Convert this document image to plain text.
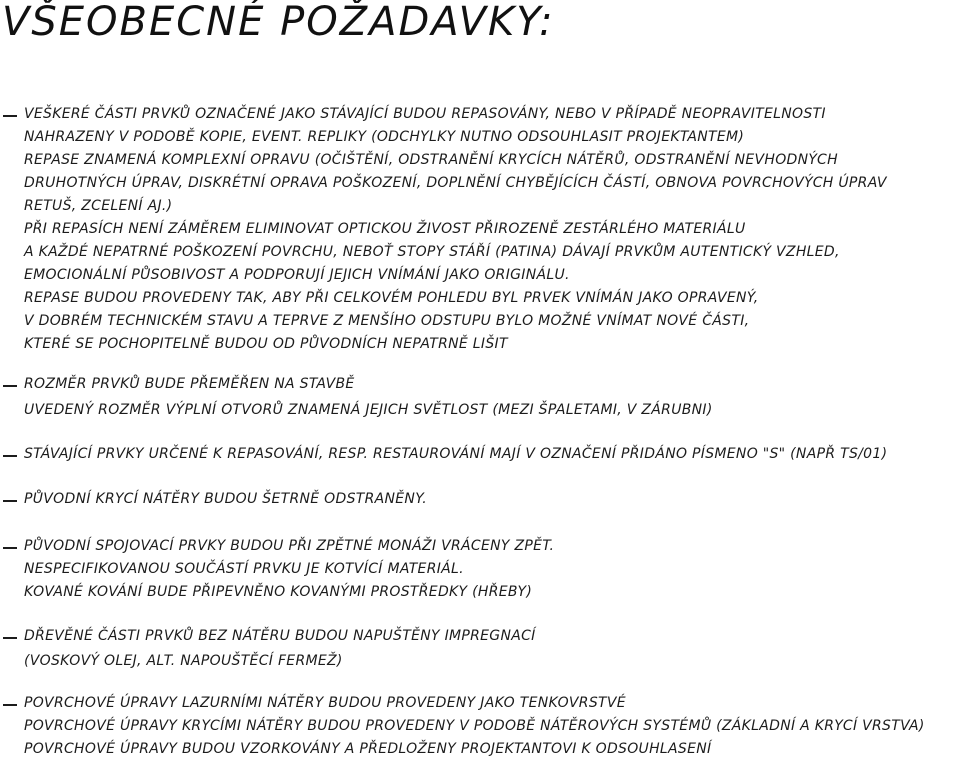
VŠEOBECNÉ POŽADAVKY:

VEŠKERÉ ČÁSTI PRVKŮ OZNAČENÉ JAKO STÁVAJÍCÍ BUDOU REPASOVÁNY, NEBO V PŘÍPADĚ NEOPRAVITELNOSTI

NAHRAZENY V PODOBĚ KOPIE, EVENT. REPLIKY (ODCHYLKY NUTNO ODSOUHLASIT PROJEKTANTEM)

REPASE ZNAMENÁ KOMPLEXNÍ OPRAVU (OČIŠTĚNÍ, ODSTRANĚNÍ KRYCÍCH NÁTĚRŮ, ODSTRANĚNÍ NEVHODNÝCH

DRUHOTNÝCH ÚPRAV, DISKRÉTNÍ OPRAVA POŠKOZENÍ, DOPLNĚNÍ CHYBĚJÍCÍCH ČÁSTÍ, OBNOVA POVRCHOVÝCH ÚPRAV

RETUŠ, ZCELENÍ AJ.)

PŘI REPASÍCH NENÍ ZÁMĚREM ELIMINOVAT OPTICKOU ŽIVOST PŘIROZENĚ ZESTÁRLÉHO MATERIÁLU

A KAŽDÉ NEPATRNÉ POŠKOZENÍ POVRCHU, NEBOŤ STOPY STÁŘÍ (PATINA) DÁVAJÍ PRVKŮM AUTENTICKÝ VZHLED,

EMOCIONÁLNÍ PŮSOBIVOST A PODPORUJÍ JEJICH VNÍMÁNÍ JAKO ORIGINÁLU.

REPASE BUDOU PROVEDENY TAK, ABY PŘI CELKOVÉM POHLEDU BYL PRVEK VNÍMÁN JAKO OPRAVENÝ,

V DOBRÉM TECHNICKÉM STAVU A TEPRVE Z MENŠÍHO ODSTUPU BYLO MOŽNÉ VNÍMAT NOVÉ ČÁSTI,

KTERÉ SE POCHOPITELNĚ BUDOU OD PŮVODNÍCH NEPATRNĚ LIŠIT

ROZMĚR PRVKŮ BUDE PŘEMĚŘEN NA STAVBĚ

UVEDENÝ ROZMĚR VÝPLNÍ OTVORŮ ZNAMENÁ JEJICH SVĚTLOST (MEZI ŠPALETAMI, V ZÁRUBNI)

STÁVAJÍCÍ PRVKY URČENÉ K REPASOVÁNÍ, RESP. RESTAUROVÁNÍ MAJÍ V OZNAČENÍ PŘIDÁNO PÍSMENO "S" (NAPŘ TS/01)

PŮVODNÍ KRYCÍ NÁTĚRY BUDOU ŠETRNĚ ODSTRANĚNY.

PŮVODNÍ SPOJOVACÍ PRVKY BUDOU PŘI ZPĚTNÉ MONÁŽI VRÁCENY ZPĚT.

NESPECIFIKOVANOU SOUČÁSTÍ PRVKU JE KOTVÍCÍ MATERIÁL.

KOVANÉ KOVÁNÍ BUDE PŘIPEVNĚNO KOVANÝMI PROSTŘEDKY (HŘEBY)

DŘEVĚNÉ ČÁSTI PRVKŮ BEZ NÁTĚRU BUDOU NAPUŠTĚNY IMPREGNACÍ

(VOSKOVÝ OLEJ, ALT. NAPOUŠTĚCÍ FERMEŽ)

POVRCHOVÉ ÚPRAVY LAZURNÍMI NÁTĚRY BUDOU PROVEDENY JAKO TENKOVRSTVÉ

POVRCHOVÉ ÚPRAVY KRYCÍMI NÁTĚRY BUDOU PROVEDENY V PODOBĚ NÁTĚROVÝCH SYSTÉMŮ (ZÁKLADNÍ A KRYCÍ VRSTVA)

POVRCHOVÉ ÚPRAVY BUDOU VZORKOVÁNY A PŘEDLOŽENY PROJEKTANTOVI K ODSOUHLASENÍ
